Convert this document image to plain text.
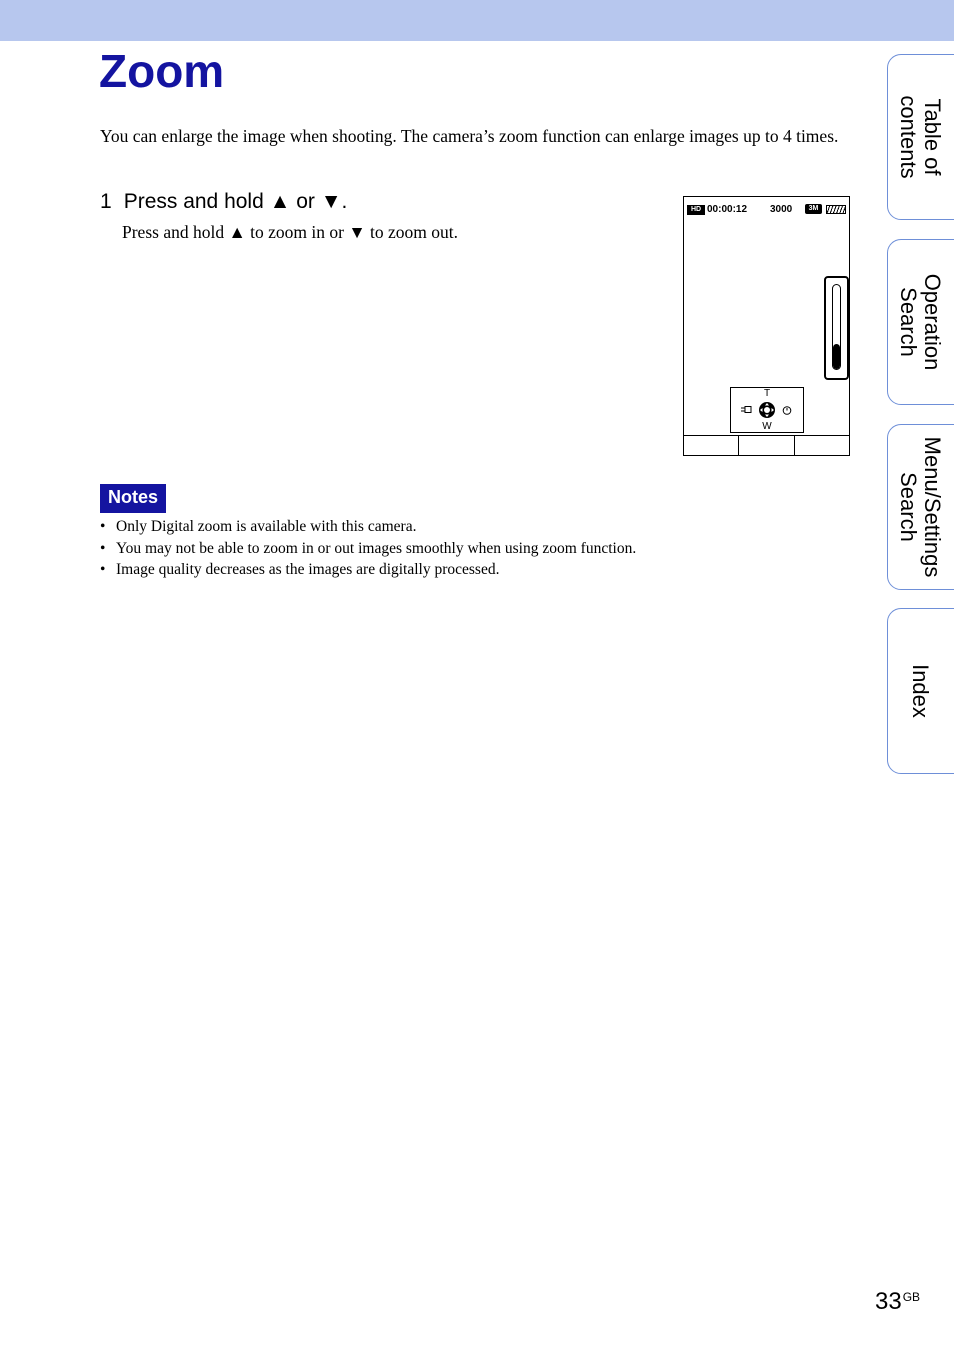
Zoom

You can enlarge the image when shooting. The camera’s zoom function can enlarge images up to 4 times.

1 Press and hold ▲ or ▼.

Press and hold ▲ to zoom in or ▼ to zoom out.

HD 00:00:12 3000	3M
T
W
Notes
• Only Digital zoom is available with this camera.
• You may not be able to zoom in or out images smoothly when using zoom function.
• Image quality decreases as the images are digitally processed.
Table of
contents
Operation
Search
Menu/Settings
Search
Index
$33^{GB}$
